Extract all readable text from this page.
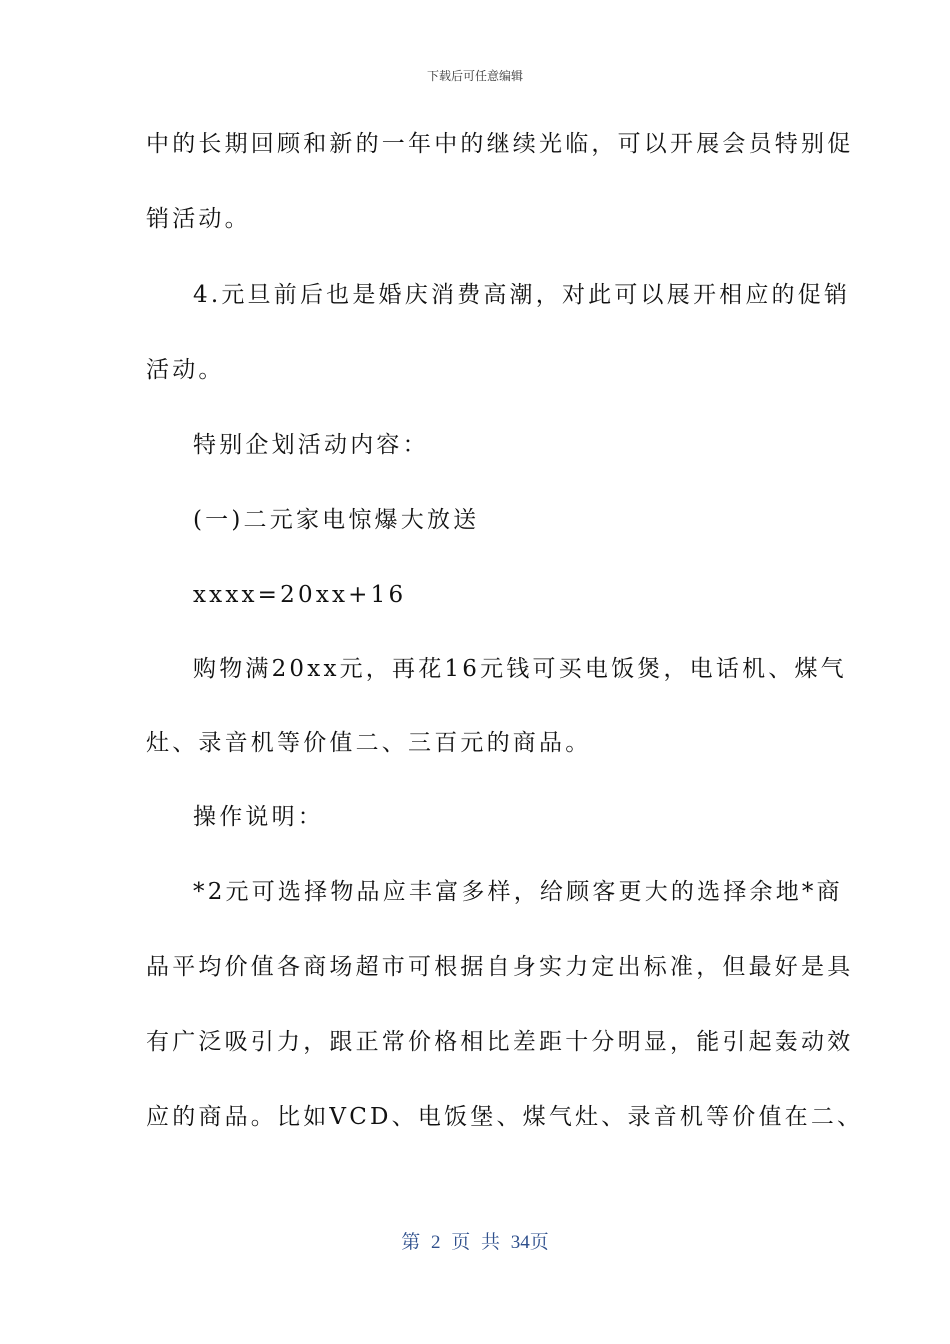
下载后可任意编辑
中的长期回顾和新的一年中的继续光临，可以开展会员特别促
销活动。
4.元旦前后也是婚庆消费高潮，对此可以展开相应的促销
活动。
特别企划活动内容：
(一)二元家电惊爆大放送
xxxx=20xx+16
购物满20xx元，再花16元钱可买电饭煲，电话机、煤气
灶、录音机等价值二、三百元的商品。
操作说明：
*2元可选择物品应丰富多样，给顾客更大的选择余地*商
品平均价值各商场超市可根据自身实力定出标准，但最好是具
有广泛吸引力，跟正常价格相比差距十分明显，能引起轰动效
应的商品。比如VCD、电饭堡、煤气灶、录音机等价值在二、
第 2 页 共 34页
